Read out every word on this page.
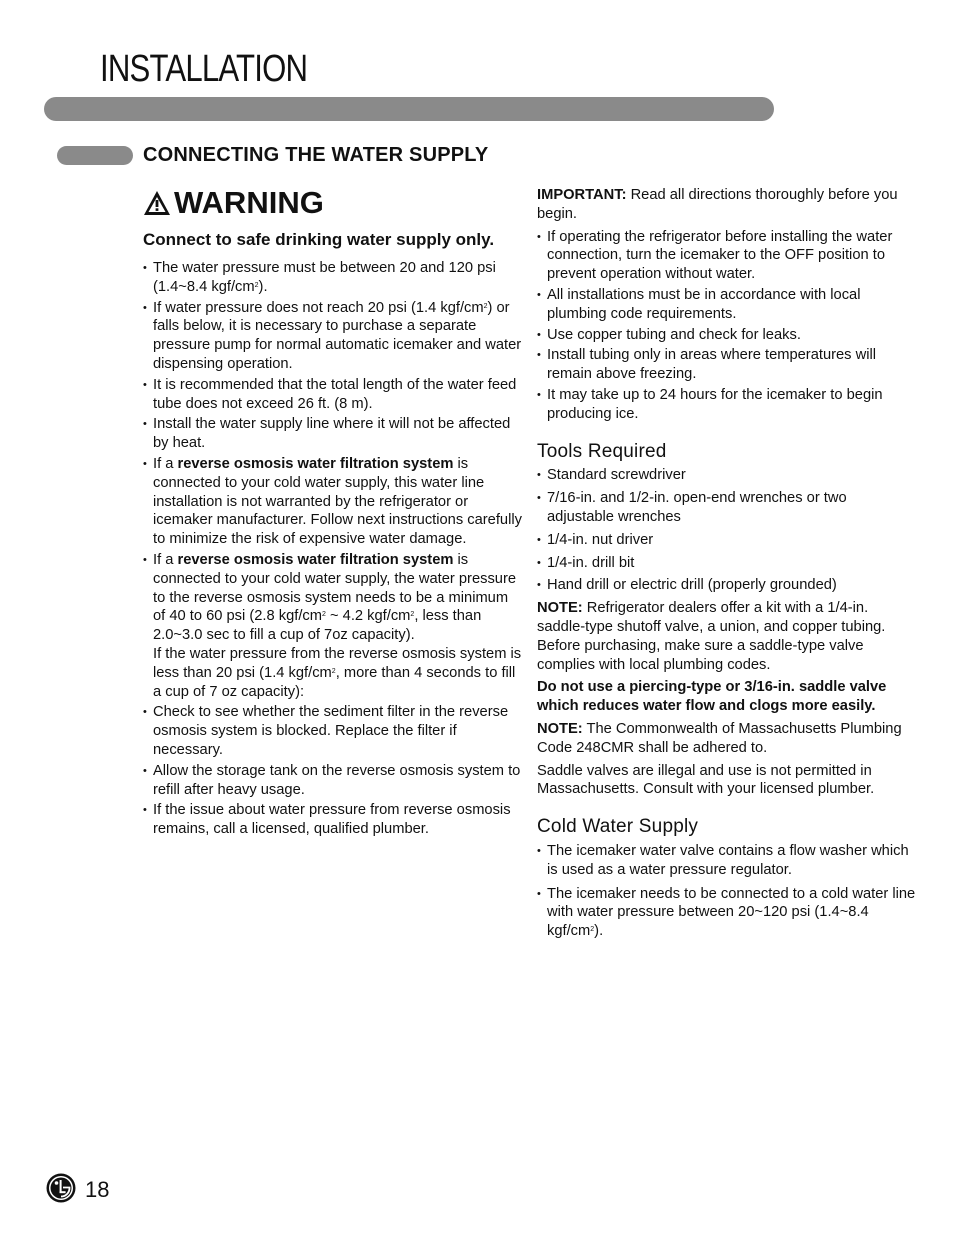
INSTALLATION
CONNECTING THE WATER SUPPLY
WARNING
Connect to safe drinking water supply only.
• The water pressure must be between 20 and 120 psi (1.4~8.4 kgf/$cm^2$).
• If water pressure does not reach 20 psi (1.4 kgf/$cm^2$) or falls below, it is necessary to purchase a separate pressure pump for normal automatic icemaker and water dispensing operation.
• It is recommended that the total length of the water feed tube does not exceed 26 ft. (8 m).
• Install the water supply line where it will not be affected by heat.
• If a reverse osmosis water filtration system is connected to your cold water supply, this water line installation is not warranted by the refrigerator or icemaker manufacturer. Follow next instructions carefully to minimize the risk of expensive water damage.
• If a reverse osmosis water filtration system is connected to your cold water supply, the water pressure to the reverse osmosis system needs to be a minimum of 40 to 60 psi (2.8 kgf/$cm^2$ ~ 4.2 kgf/$cm^2$, less than 2.0~3.0 sec to fill a cup of 7oz capacity).
If the water pressure from the reverse osmosis system is less than 20 psi (1.4 kgf/$cm^2$, more than 4 seconds to fill a cup of 7 oz capacity):
• Check to see whether the sediment filter in the reverse osmosis system is blocked. Replace the filter if necessary.
• Allow the storage tank on the reverse osmosis system to refill after heavy usage.
• If the issue about water pressure from reverse osmosis remains, call a licensed, qualified plumber.

IMPORTANT: Read all directions thoroughly before you begin.

• If operating the refrigerator before installing the water connection, turn the icemaker to the OFF position to prevent operation without water.
• All installations must be in accordance with local plumbing code requirements.
• Use copper tubing and check for leaks.
• Install tubing only in areas where temperatures will remain above freezing.
• It may take up to 24 hours for the icemaker to begin producing ice.
Tools Required
• Standard screwdriver
• 7/16-in. and 1/2-in. open-end wrenches or two adjustable wrenches
• 1/4-in. nut driver
• 1/4-in. drill bit
• Hand drill or electric drill (properly grounded)

NOTE: Refrigerator dealers offer a kit with a 1/4-in. saddle-type shutoff valve, a union, and copper tubing. Before purchasing, make sure a saddle-type valve complies with local plumbing codes.

Do not use a piercing-type or 3/16-in. saddle valve which reduces water flow and clogs more easily.

NOTE: The Commonwealth of Massachusetts Plumbing Code 248CMR shall be adhered to.

Saddle valves are illegal and use is not permitted in Massachusetts. Consult with your licensed plumber.

Cold Water Supply
• The icemaker water valve contains a flow washer which is used as a water pressure regulator.
• The icemaker needs to be connected to a cold water line with water pressure between 20~120 psi (1.4~8.4 kgf/$cm^2$).
18
